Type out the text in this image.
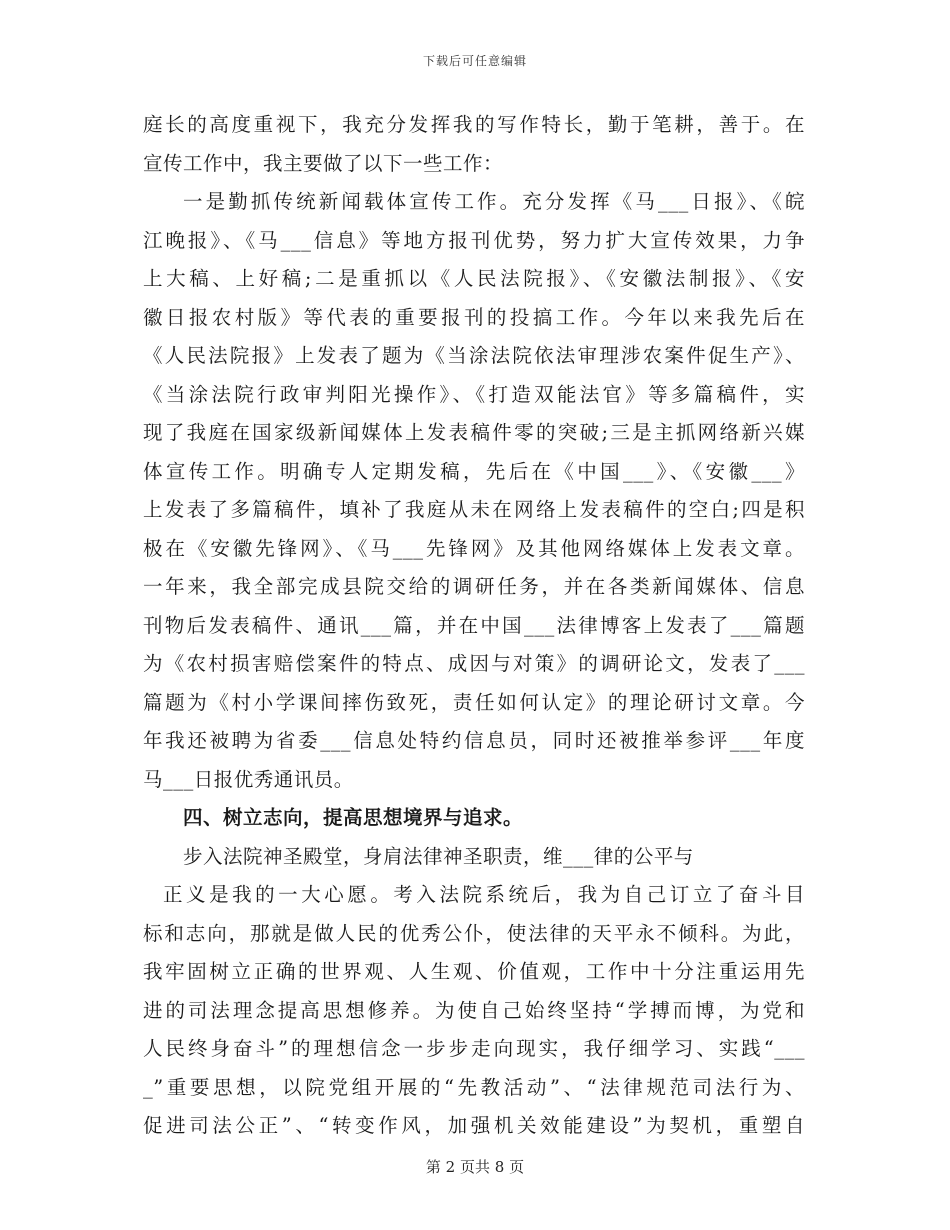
下载后可任意编辑
庭长的高度重视下，我充分发挥我的写作特长，勤于笔耕，善于。在
宣传工作中，我主要做了以下一些工作：
一是勤抓传统新闻载体宣传工作。充分发挥《马___日报》、《皖
江晚报》、《马___信息》等地方报刊优势，努力扩大宣传效果，力争
上大稿、上好稿;二是重抓以《人民法院报》、《安徽法制报》、《安
徽日报农村版》等代表的重要报刊的投搞工作。今年以来我先后在
《人民法院报》上发表了题为《当涂法院依法审理涉农案件促生产》、
《当涂法院行政审判阳光操作》、《打造双能法官》等多篇稿件，实
现了我庭在国家级新闻媒体上发表稿件零的突破;三是主抓网络新兴媒
体宣传工作。明确专人定期发稿，先后在《中国___》、《安徽___》
上发表了多篇稿件，填补了我庭从未在网络上发表稿件的空白;四是积
极在《安徽先锋网》、《马___先锋网》及其他网络媒体上发表文章。
一年来，我全部完成县院交给的调研任务，并在各类新闻媒体、信息
刊物后发表稿件、通讯___篇，并在中国___法律博客上发表了___篇题
为《农村损害赔偿案件的特点、成因与对策》的调研论文，发表了___
篇题为《村小学课间摔伤致死，责任如何认定》的理论研讨文章。今
年我还被聘为省委___信息处特约信息员，同时还被推举参评___年度
马___日报优秀通讯员。
四、树立志向，提高思想境界与追求。
步入法院神圣殿堂，身肩法律神圣职责，维___律的公平与
正义是我的一大心愿。考入法院系统后，我为自己订立了奋斗目
标和志向，那就是做人民的优秀公仆，使法律的天平永不倾科。为此，
我牢固树立正确的世界观、人生观、价值观，工作中十分注重运用先
进的司法理念提高思想修养。为使自己始终坚持“学搏而博，为党和
人民终身奋斗”的理想信念一步步走向现实，我仔细学习、实践“___
_”重要思想，以院党组开展的“先教活动”、“法律规范司法行为、
促进司法公正”、“转变作风，加强机关效能建设”为契机，重塑自
第 2 页共 8 页
